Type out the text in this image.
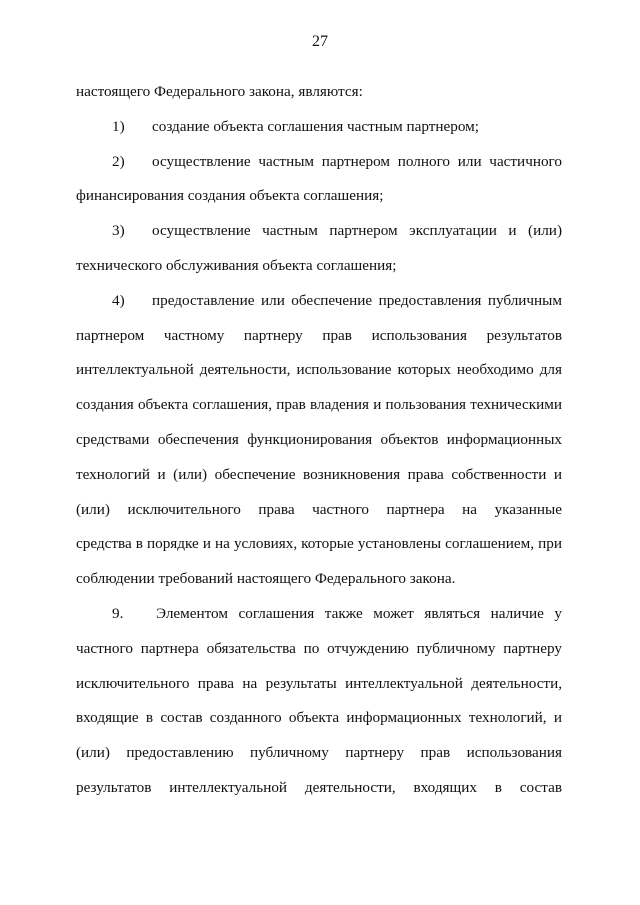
27
настоящего Федерального закона, являются:
1) создание объекта соглашения частным партнером;
2) осуществление частным партнером полного или частичного
финансирования создания объекта соглашения;
3) осуществление частным партнером эксплуатации и (или)
технического обслуживания объекта соглашения;
4) предоставление или обеспечение предоставления публичным
партнером частному партнеру прав использования результатов
интеллектуальной деятельности, использование которых необходимо для
создания объекта соглашения, прав владения и пользования техническими
средствами обеспечения функционирования объектов информационных
технологий и (или) обеспечение возникновения права собственности и
(или) исключительного права частного партнера на указанные
средства в порядке и на условиях, которые установлены соглашением, при
соблюдении требований настоящего Федерального закона.
9. Элементом соглашения также может являться наличие у
частного партнера обязательства по отчуждению публичному партнеру
исключительного права на результаты интеллектуальной деятельности,
входящие в состав созданного объекта информационных технологий, и
(или) предоставлению публичному партнеру прав использования
результатов интеллектуальной деятельности, входящих в состав
